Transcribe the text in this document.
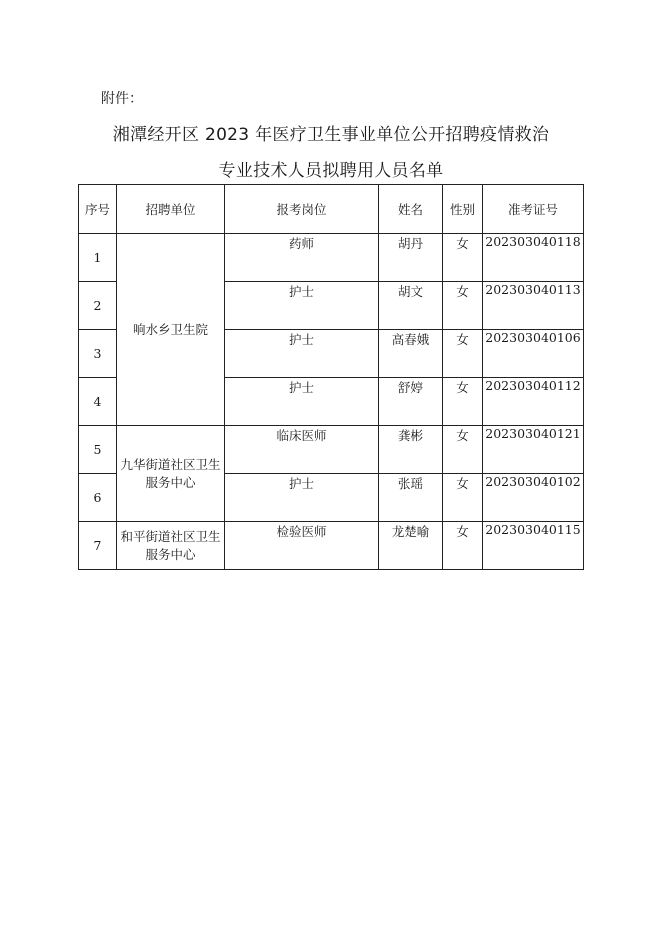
附件：
湘潭经开区 2023 年医疗卫生事业单位公开招聘疫情救治
专业技术人员拟聘用人员名单
序号	招聘单位	报考岗位	姓名	性别	准考证号
1	响水乡卫生院	药师	胡丹	女	202303040118
2		护士	胡文	女	202303040113
3		护士	高春娥	女	202303040106
4		护士	舒婷	女	202303040112
5	九华街道社区卫生服务中心	临床医师	龚彬	女	202303040121
6		护士	张瑶	女	202303040102
7	和平街道社区卫生服务中心	检验医师	龙楚喻	女	202303040115
